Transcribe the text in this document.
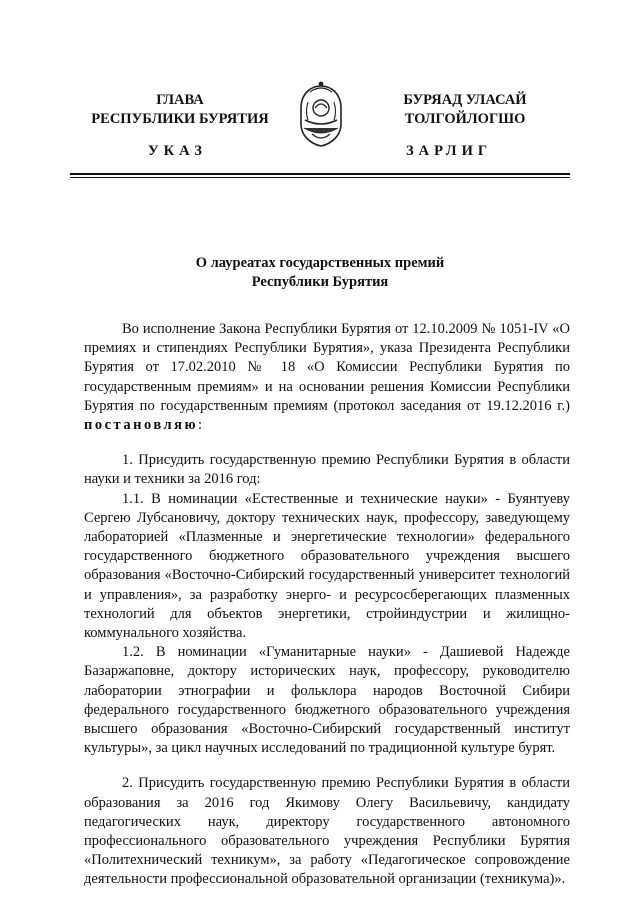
ГЛАВА
РЕСПУБЛИКИ БУРЯТИЯ
БУРЯАД УЛАСАЙ
ТОЛГОЙЛОГШО
УКАЗ	ЗАРЛИГ
О лауреатах государственных премий
Республики Бурятия

Во исполнение Закона Республики Бурятия от 12.10.2009 № 1051-IV «О премиях и стипендиях Республики Бурятия», указа Президента Республики Бурятия от 17.02.2010 № 18 «О Комиссии Республики Бурятия по государственным премиям» и на основании решения Комиссии Республики Бурятия по государственным премиям (протокол заседания от 19.12.2016 г.) постановляю:

1. Присудить государственную премию Республики Бурятия в области науки и техники за 2016 год:

1.1. В номинации «Естественные и технические науки» - Буянтуеву Сергею Лубсановичу, доктору технических наук, профессору, заведующему лабораторией «Плазменные и энергетические технологии» федерального государственного бюджетного образовательного учреждения высшего образования «Восточно-Сибирский государственный университет технологий и управления», за разработку энерго- и ресурсосберегающих плазменных технологий для объектов энергетики, стройиндустрии и жилищно-коммунального хозяйства.

1.2. В номинации «Гуманитарные науки» - Дашиевой Надежде Базаржаповне, доктору исторических наук, профессору, руководителю лаборатории этнографии и фольклора народов Восточной Сибири федерального государственного бюджетного образовательного учреждения высшего образования «Восточно-Сибирский государственный институт культуры», за цикл научных исследований по традиционной культуре бурят.

2. Присудить государственную премию Республики Бурятия в области образования за 2016 год Якимову Олегу Васильевичу, кандидату педагогических наук, директору государственного автономного профессионального образовательного учреждения Республики Бурятия «Политехнический техникум», за работу «Педагогическое сопровождение деятельности профессиональной образовательной организации (техникума)».
